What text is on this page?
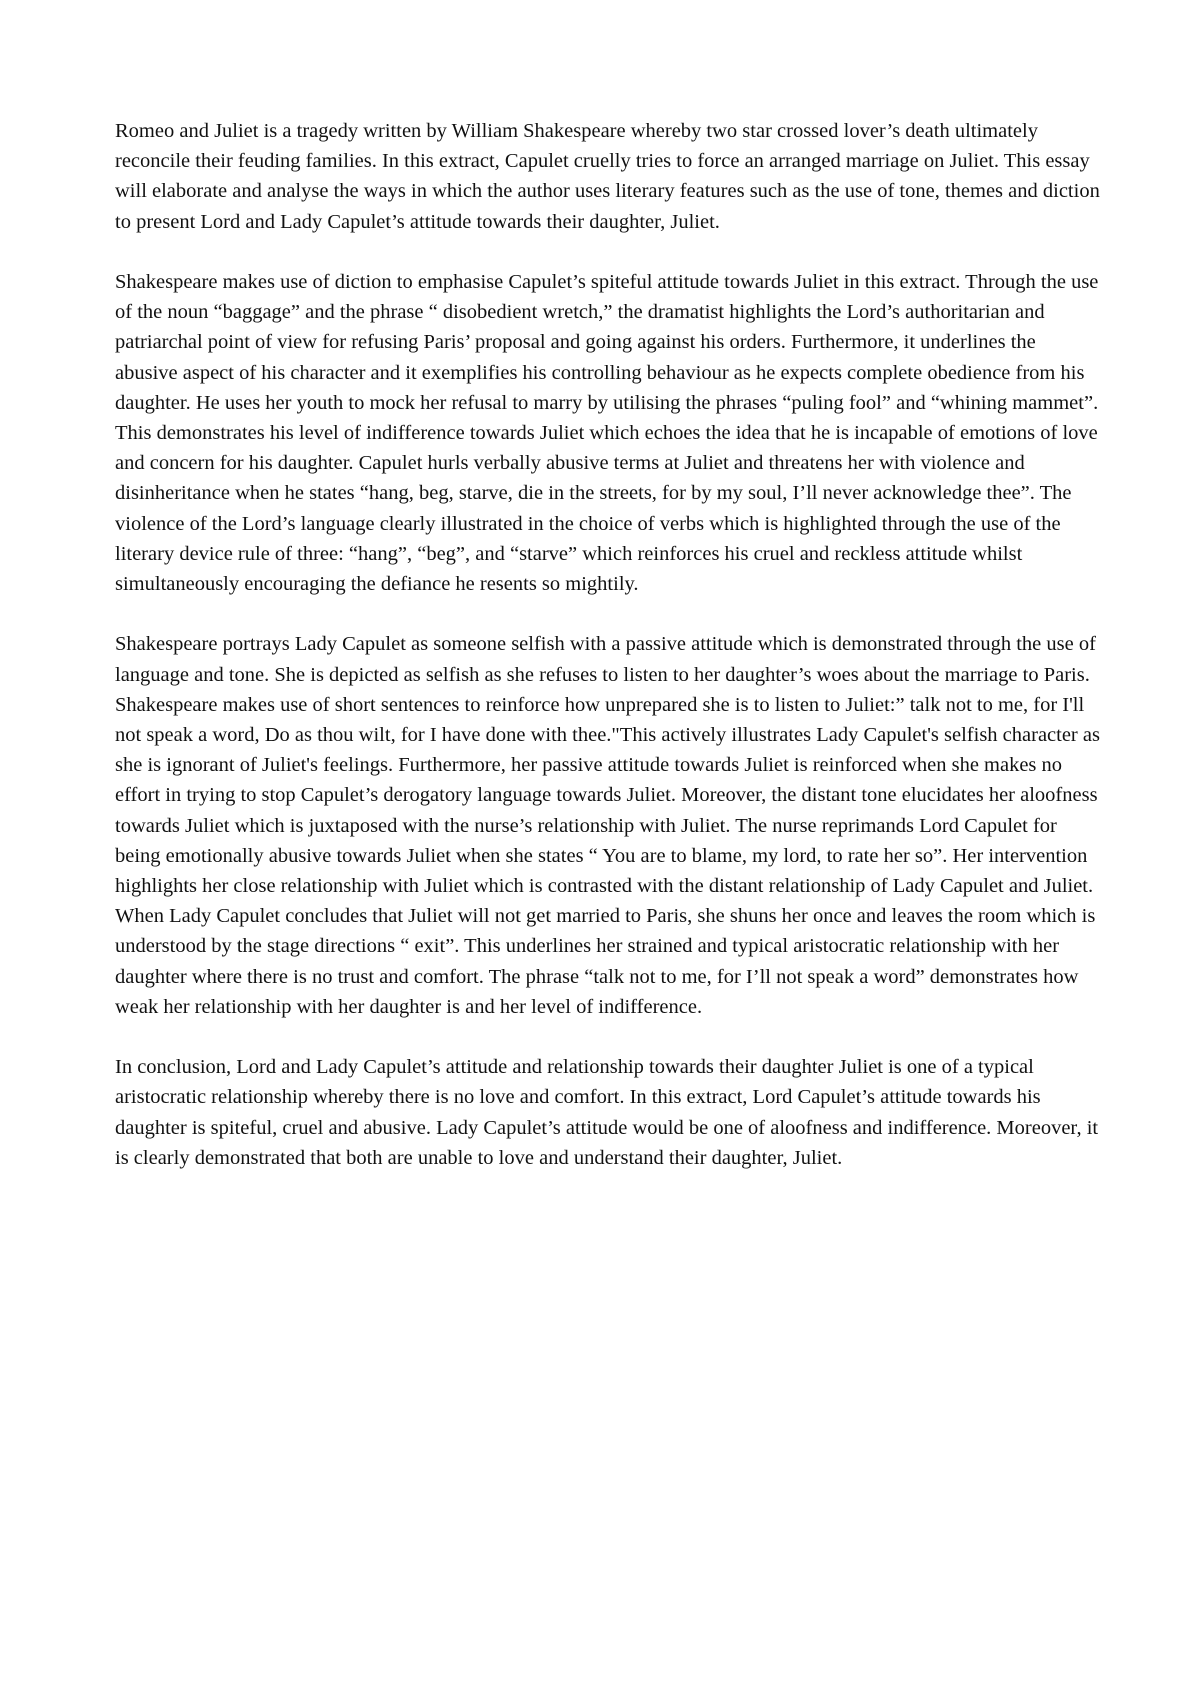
Romeo and Juliet is a tragedy written by William Shakespeare whereby two star crossed lover’s death ultimately reconcile their feuding families. In this extract, Capulet cruelly tries to force an arranged marriage on Juliet. This essay will elaborate and analyse the ways in which the author uses literary features such as the use of tone, themes and diction to present Lord and Lady Capulet’s attitude towards their daughter, Juliet.

Shakespeare makes use of diction to emphasise Capulet’s spiteful attitude towards Juliet in this extract. Through the use of the noun “baggage” and the phrase “ disobedient wretch,” the dramatist highlights the Lord’s authoritarian and patriarchal point of view for refusing Paris’ proposal and going against his orders. Furthermore, it underlines the abusive aspect of his character and it exemplifies his controlling behaviour as he expects complete obedience from his daughter. He uses her youth to mock her refusal to marry by utilising the phrases “puling fool” and “whining mammet”. This demonstrates his level of indifference towards Juliet which echoes the idea that he is incapable of emotions of love and concern for his daughter. Capulet hurls verbally abusive terms at Juliet and threatens her with violence and disinheritance when he states “hang, beg, starve, die in the streets, for by my soul, I’ll never acknowledge thee”. The violence of the Lord’s language clearly illustrated in the choice of verbs which is highlighted through the use of the literary device rule of three: “hang”, “beg”, and “starve” which reinforces his cruel and reckless attitude whilst simultaneously encouraging the defiance he resents so mightily.

Shakespeare portrays Lady Capulet as someone selfish with a passive attitude which is demonstrated through the use of language and tone. She is depicted as selfish as she refuses to listen to her daughter’s woes about the marriage to Paris. Shakespeare makes use of short sentences to reinforce how unprepared she is to listen to Juliet:” talk not to me, for I'll not speak a word, Do as thou wilt, for I have done with thee."This actively illustrates Lady Capulet's selfish character as she is ignorant of Juliet's feelings. Furthermore, her passive attitude towards Juliet is reinforced when she makes no effort in trying to stop Capulet’s derogatory language towards Juliet. Moreover, the distant tone elucidates her aloofness towards Juliet which is juxtaposed with the nurse’s relationship with Juliet. The nurse reprimands Lord Capulet for being emotionally abusive towards Juliet when she states “ You are to blame, my lord, to rate her so”. Her intervention highlights her close relationship with Juliet which is contrasted with the distant relationship of Lady Capulet and Juliet. When Lady Capulet concludes that Juliet will not get married to Paris, she shuns her once and leaves the room which is understood by the stage directions “ exit”. This underlines her strained and typical aristocratic relationship with her daughter where there is no trust and comfort. The phrase “talk not to me, for I’ll not speak a word” demonstrates how weak her relationship with her daughter is and her level of indifference.

In conclusion, Lord and Lady Capulet’s attitude and relationship towards their daughter Juliet is one of a typical aristocratic relationship whereby there is no love and comfort. In this extract, Lord Capulet’s attitude towards his daughter is spiteful, cruel and abusive. Lady Capulet’s attitude would be one of aloofness and indifference. Moreover, it is clearly demonstrated that both are unable to love and understand their daughter, Juliet.
